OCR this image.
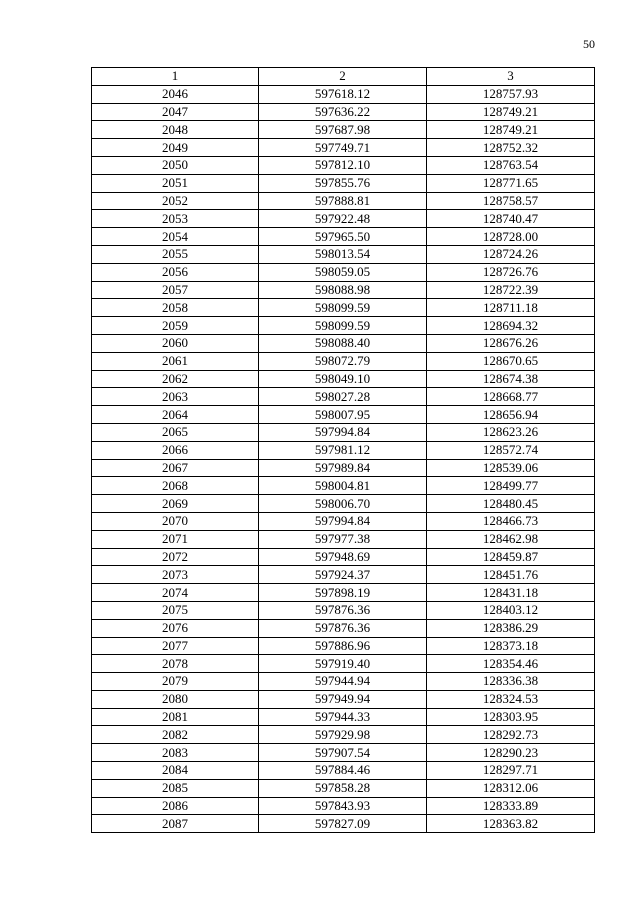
50
1	2	3
2046	597618.12	128757.93
2047	597636.22	128749.21
2048	597687.98	128749.21
2049	597749.71	128752.32
2050	597812.10	128763.54
2051	597855.76	128771.65
2052	597888.81	128758.57
2053	597922.48	128740.47
2054	597965.50	128728.00
2055	598013.54	128724.26
2056	598059.05	128726.76
2057	598088.98	128722.39
2058	598099.59	128711.18
2059	598099.59	128694.32
2060	598088.40	128676.26
2061	598072.79	128670.65
2062	598049.10	128674.38
2063	598027.28	128668.77
2064	598007.95	128656.94
2065	597994.84	128623.26
2066	597981.12	128572.74
2067	597989.84	128539.06
2068	598004.81	128499.77
2069	598006.70	128480.45
2070	597994.84	128466.73
2071	597977.38	128462.98
2072	597948.69	128459.87
2073	597924.37	128451.76
2074	597898.19	128431.18
2075	597876.36	128403.12
2076	597876.36	128386.29
2077	597886.96	128373.18
2078	597919.40	128354.46
2079	597944.94	128336.38
2080	597949.94	128324.53
2081	597944.33	128303.95
2082	597929.98	128292.73
2083	597907.54	128290.23
2084	597884.46	128297.71
2085	597858.28	128312.06
2086	597843.93	128333.89
2087	597827.09	128363.82
